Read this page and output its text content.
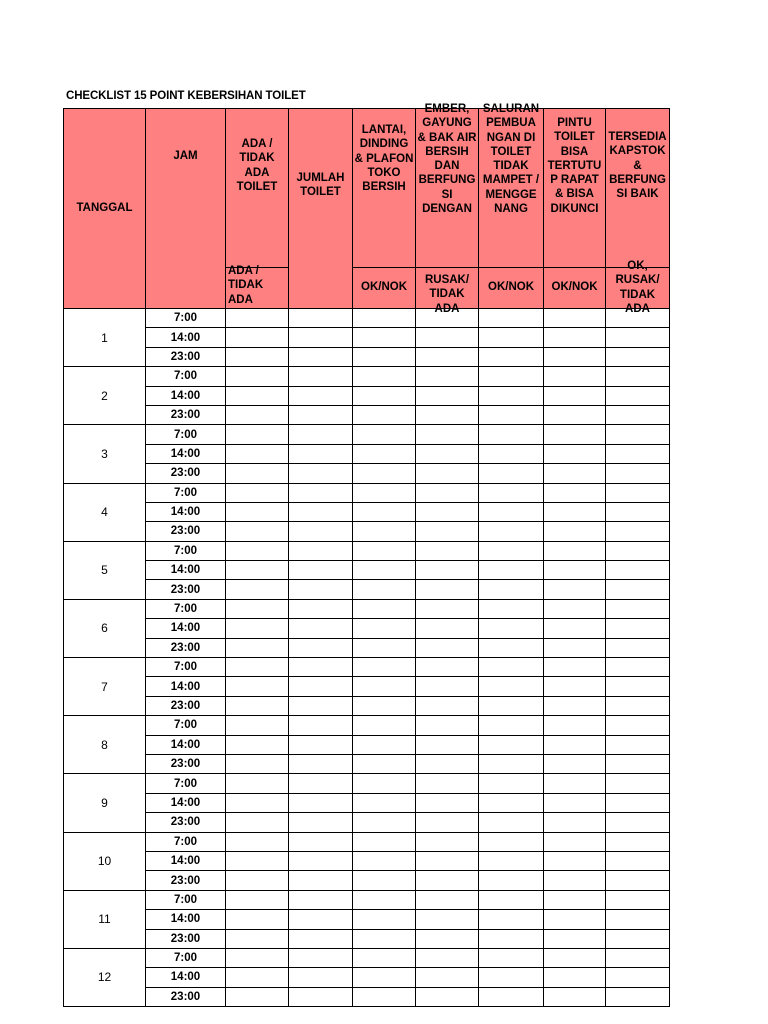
CHECKLIST 15 POINT KEBERSIHAN TOILET
TANGGAL	JAM	ADA / TIDAK ADA TOILET	JUMLAH TOILET	LANTAI, DINDING & PLAFON TOKO BERSIH	EMBER, GAYUNG & BAK AIR BERSIH DAN BERFUNG SI DENGAN	SALURAN PEMBUA NGAN DI TOILET TIDAK MAMPET / MENGGE NANG	PINTU TOILET BISA TERTUTU P RAPAT & BISA DIKUNCI	TERSEDIA KAPSTOK & BERFUNG SI BAIK

		ADA / TIDAK ADA		OK/NOK	RUSAK/ TIDAK ADA	OK/NOK	OK/NOK	OK, RUSAK/ TIDAK ADA

1	7:00							
	14:00							
	23:00							
2	7:00							
	14:00							
	23:00							
3	7:00							
	14:00							
	23:00							
4	7:00							
	14:00							
	23:00							
5	7:00							
	14:00							
	23:00							
6	7:00							
	14:00							
	23:00							
7	7:00							
	14:00							
	23:00							
8	7:00							
	14:00							
	23:00							
9	7:00							
	14:00							
	23:00							
10	7:00							
	14:00							
	23:00							
11	7:00							
	14:00							
	23:00							
12	7:00							
	14:00							
	23:00							
